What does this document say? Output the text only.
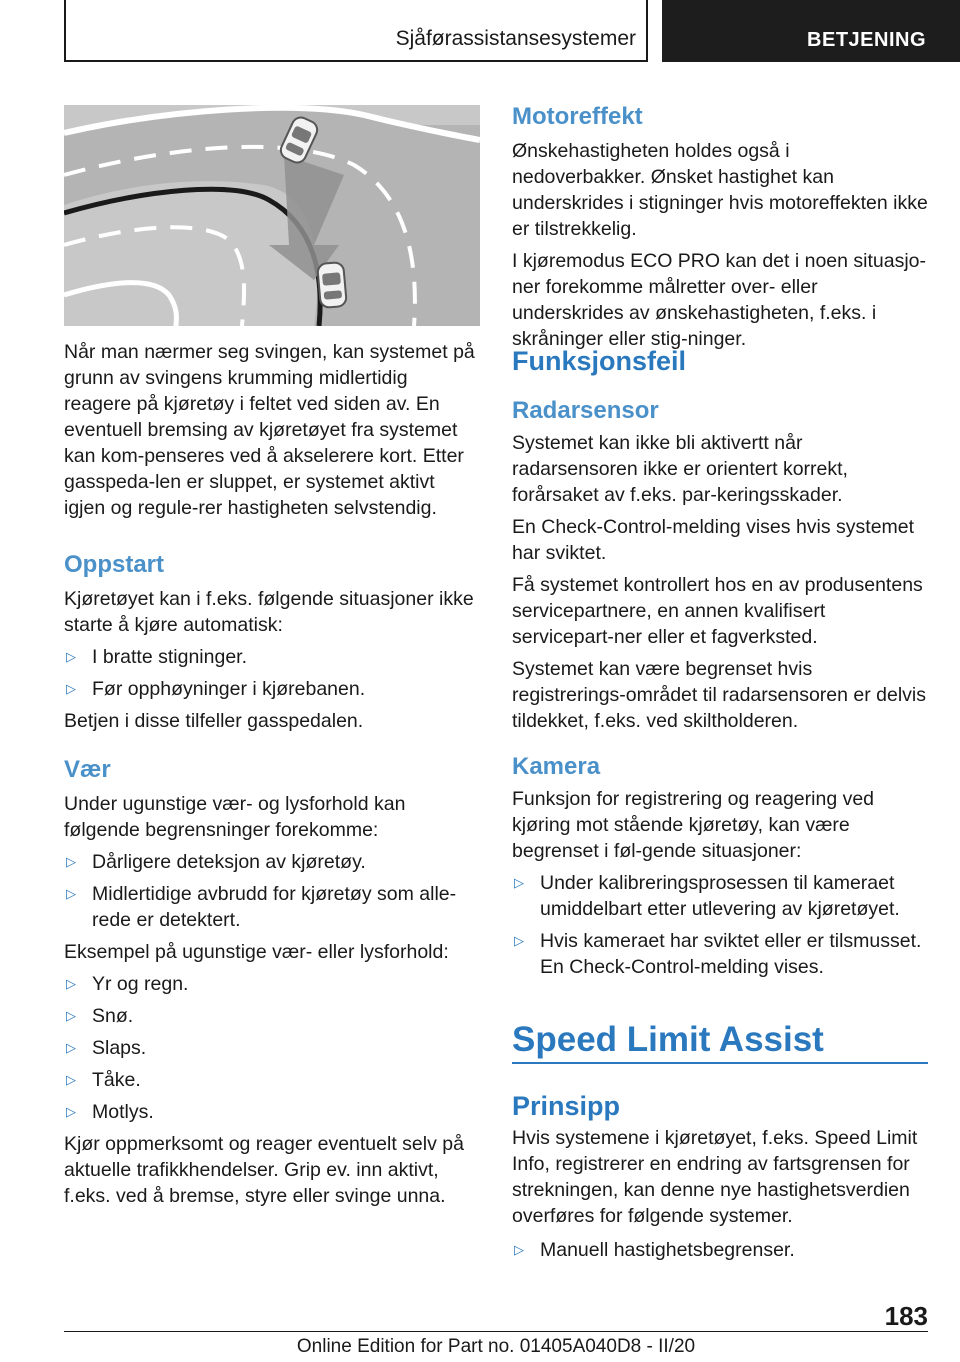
Sjåførassistansesystemer	BETJENING

Når man nærmer seg svingen, kan systemet på grunn av svingens krumming midlertidig reagere på kjøretøy i feltet ved siden av. En eventuell bremsing av kjøretøyet fra systemet kan kom-penseres ved å akselerere kort. Etter gasspeda-len er sluppet, er systemet aktivt igjen og regule-rer hastigheten selvstendig.

Oppstart

Kjøretøyet kan i f.eks. følgende situasjoner ikke starte å kjøre automatisk:

▷ I bratte stigninger.
▷ Før opphøyninger i kjørebanen.

Betjen i disse tilfeller gasspedalen.

Vær

Under ugunstige vær- og lysforhold kan følgende begrensninger forekomme:

▷ Dårligere deteksjon av kjøretøy.
▷ Midlertidige avbrudd for kjøretøy som alle-rede er detektert.

Eksempel på ugunstige vær- eller lysforhold:

▷ Yr og regn.
▷ Snø.
▷ Slaps.
▷ Tåke.
▷ Motlys.

Kjør oppmerksomt og reager eventuelt selv på aktuelle trafikkhendelser. Grip ev. inn aktivt, f.eks. ved å bremse, styre eller svinge unna.

Motoreffekt

Ønskehastigheten holdes også i nedoverbakker. Ønsket hastighet kan underskrides i stigninger hvis motoreffekten ikke er tilstrekkelig.

I kjøremodus ECO PRO kan det i noen situasjo-ner forekomme målretter over- eller underskrides av ønskehastigheten, f.eks. i skråninger eller stig-ninger.

Funksjonsfeil
Radarsensor

Systemet kan ikke bli aktivertt når radarsensoren ikke er orientert korrekt, forårsaket av f.eks. par-keringsskader.

En Check-Control-melding vises hvis systemet har sviktet.

Få systemet kontrollert hos en av produsentens servicepartnere, en annen kvalifisert servicepart-ner eller et fagverksted.

Systemet kan være begrenset hvis registrerings-området til radarsensoren er delvis tildekket, f.eks. ved skiltholderen.

Kamera

Funksjon for registrering og reagering ved kjøring mot stående kjøretøy, kan være begrenset i føl-gende situasjoner:

▷ Under kalibreringsprosessen til kameraet umiddelbart etter utlevering av kjøretøyet.
▷ Hvis kameraet har sviktet eller er tilsmusset. En Check-Control-melding vises.
Speed Limit Assist
Prinsipp

Hvis systemene i kjøretøyet, f.eks. Speed Limit Info, registrerer en endring av fartsgrensen for strekningen, kan denne nye hastighetsverdien overføres for følgende systemer.

▷ Manuell hastighetsbegrenser.
183
Online Edition for Part no. 01405A040D8 - II/20
